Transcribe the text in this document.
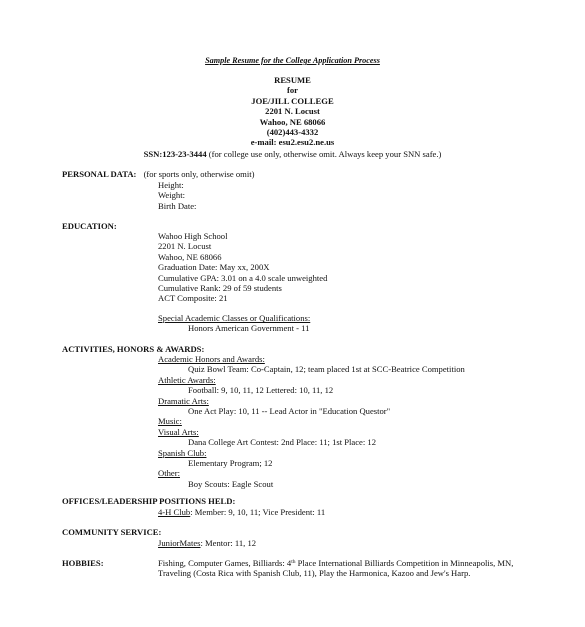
Sample Resume for the College Application Process
RESUME
for
JOE/JILL COLLEGE
2201 N. Locust
Wahoo, NE 68066
(402)443-4332
e-mail: esu2.esu2.ne.us
SSN:123-23-3444 (for college use only, otherwise omit. Always keep your SNN safe.)
PERSONAL DATA: (for sports only, otherwise omit)
Height:
Weight:
Birth Date:
EDUCATION:
Wahoo High School
2201 N. Locust
Wahoo, NE 68066
Graduation Date: May xx, 200X
Cumulative GPA: 3.01 on a 4.0 scale unweighted
Cumulative Rank: 29 of 59 students
ACT Composite: 21
Special Academic Classes or Qualifications:
Honors American Government - 11
ACTIVITIES, HONORS & AWARDS:
Academic Honors and Awards:
Quiz Bowl Team: Co-Captain, 12; team placed 1st at SCC-Beatrice Competition
Athletic Awards:
Football: 9, 10, 11, 12 Lettered: 10, 11, 12
Dramatic Arts:
One Act Play: 10, 11 -- Lead Actor in "Education Questor"
Music:
Visual Arts:
Dana College Art Contest: 2nd Place: 11; 1st Place: 12
Spanish Club:
Elementary Program; 12
Other:
Boy Scouts: Eagle Scout
OFFICES/LEADERSHIP POSITIONS HELD:
4-H Club: Member: 9, 10, 11; Vice President: 11
COMMUNITY SERVICE:
JuniorMates: Mentor: 11, 12
HOBBIES:	Fishing, Computer Games, Billiards: 4th Place International Billiards Competition in Minneapolis, MN,
Traveling (Costa Rica with Spanish Club, 11), Play the Harmonica, Kazoo and Jew's Harp.
